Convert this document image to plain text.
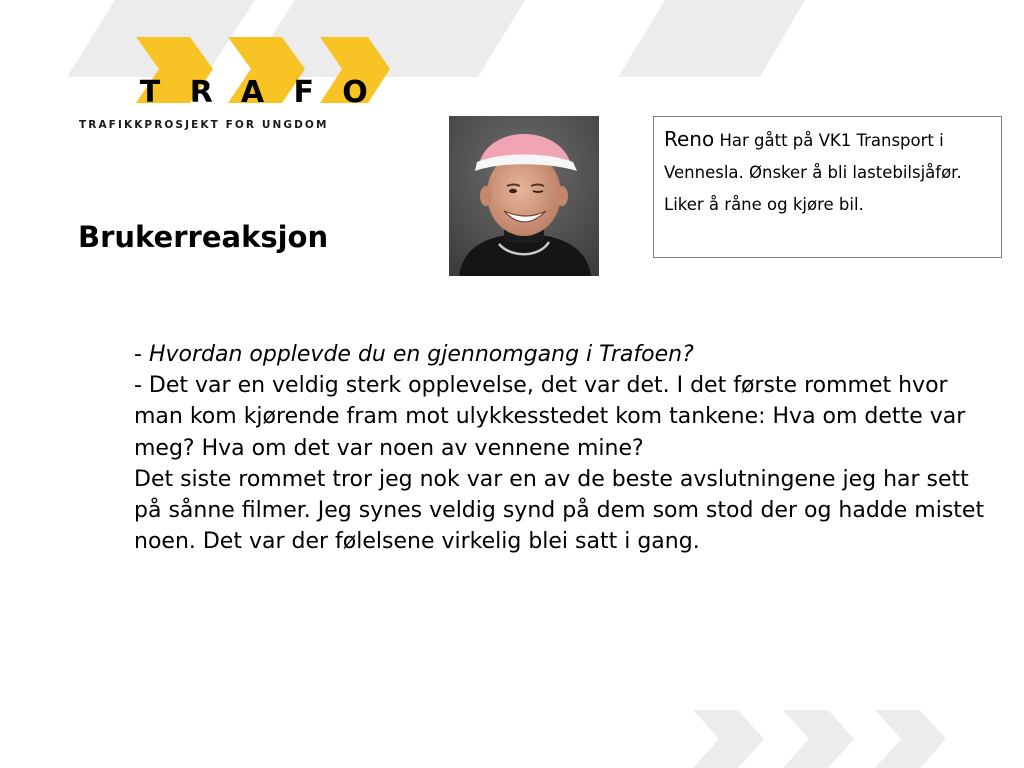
T R A F O
TRAFIKKPROSJEKT FOR UNGDOM
Brukerreaksjon
Reno Har gått på VK1 Transport i Vennesla. Ønsker å bli lastebilsjåfør. Liker å råne og kjøre bil.

- Hvordan opplevde du en gjennomgang i Trafoen?

- Det var en veldig sterk opplevelse, det var det. I det første rommet hvor man kom kjørende fram mot ulykkesstedet kom tankene: Hva om dette var meg? Hva om det var noen av vennene mine?

Det siste rommet tror jeg nok var en av de beste avslutningene jeg har sett på sånne filmer. Jeg synes veldig synd på dem som stod der og hadde mistet noen. Det var der følelsene virkelig blei satt i gang.
